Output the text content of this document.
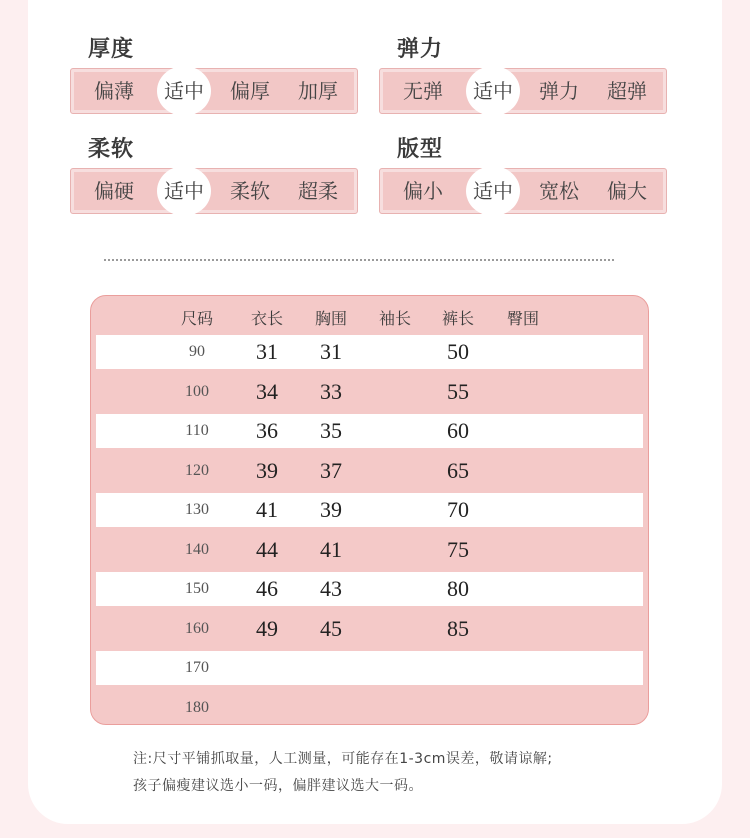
厚度
偏薄	适中	偏厚	加厚
弹力
无弹	适中	弹力	超弹
柔软
偏硬	适中	柔软	超柔
版型
偏小	适中	宽松	偏大
尺码 衣长 胸围 袖长 裤长 臀围
90 31 31	50
100 34 33	55
110 36 35	60
120 39 37	65
130 41 39	70
140 44 41	75
150 46 43	80
160 49 45	85
170
180
注:尺寸平铺抓取量，人工测量，可能存在1-3cm误差，敬请谅解;
孩子偏瘦建议选小一码，偏胖建议选大一码。
